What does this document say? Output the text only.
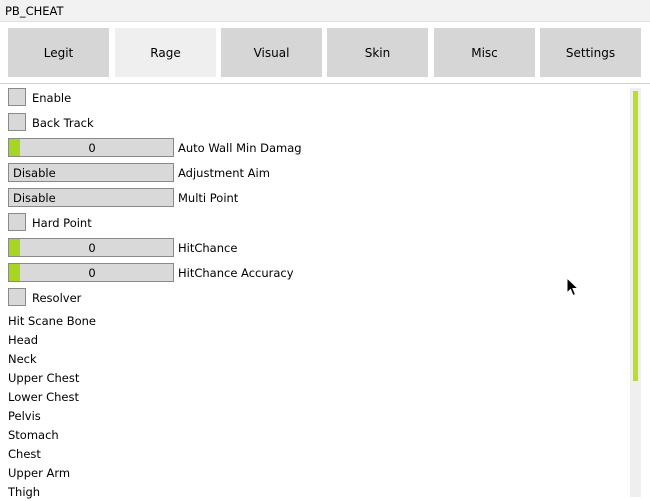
PB_CHEAT
Legit	Rage	Visual	Skin	Misc	Settings
Enable
Back Track
0	Auto Wall Min Damag
Disable	Adjustment Aim
Disable	Multi Point
Hard Point
0	HitChance
0	HitChance Accuracy
Resolver
Hit Scane Bone
Head
Neck
Upper Chest
Lower Chest
Pelvis
Stomach
Chest
Upper Arm
Thigh
